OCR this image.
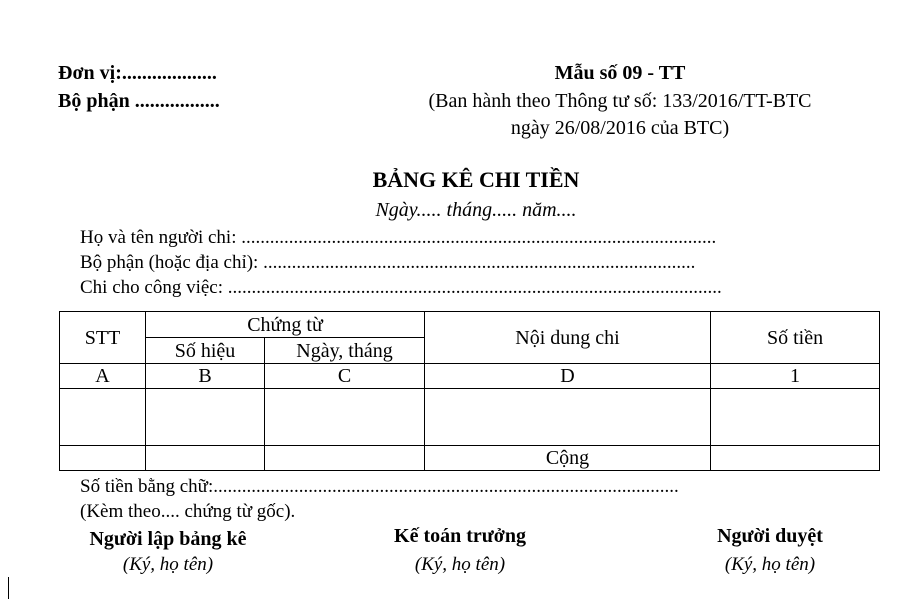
Đơn vị:...................
Bộ phận .................
Mẫu số 09 - TT
(Ban hành theo Thông tư số: 133/2016/TT-BTC
ngày 26/08/2016 của BTC)
BẢNG KÊ CHI TIỀN
Ngày..... tháng..... năm....
Họ và tên người chi: ....................................................................................................
Bộ phận (hoặc địa chỉ): ...........................................................................................
Chi cho công việc: ........................................................................................................
STT	Chứng từ		Nội dung chi	Số tiền
	Số hiệu	Ngày, tháng		
A	B	C	D	1

			Cộng	
Số tiền bằng chữ:..................................................................................................
(Kèm theo.... chứng từ gốc).
Người lập bảng kê
(Ký, họ tên)
Kế toán trưởng
(Ký, họ tên)
Người duyệt
(Ký, họ tên)
